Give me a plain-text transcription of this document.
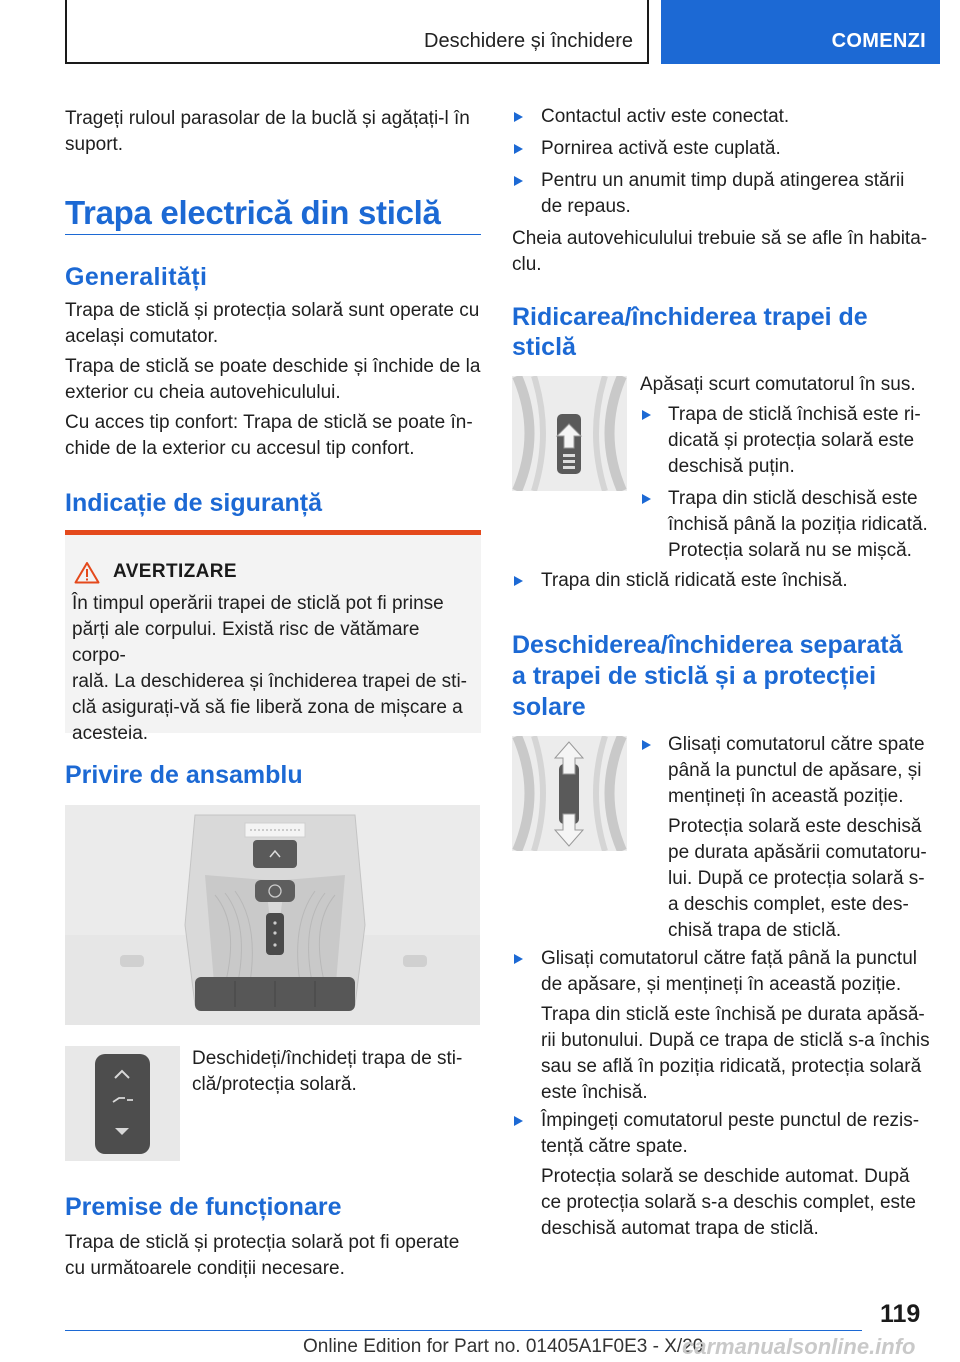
Deschidere și închidere	COMENZI
Trageți ruloul parasolar de la buclă și agățați-l în
suport.
Trapa electrică din sticlă
Generalități
Trapa de sticlă și protecția solară sunt operate cu
același comutator.
Trapa de sticlă se poate deschide și închide de la
exterior cu cheia autovehiculului.
Cu acces tip confort: Trapa de sticlă se poate în-
chide de la exterior cu accesul tip confort.
Indicație de siguranță
AVERTIZARE
În timpul operării trapei de sticlă pot fi prinse
părți ale corpului. Există risc de vătămare corpo-
rală. La deschiderea și închiderea trapei de sti-
clă asigurați-vă să fie liberă zona de mișcare a
acesteia.
Privire de ansamblu
Deschideți/închideți trapa de sti-
clă/protecția solară.
Premise de funcționare
Trapa de sticlă și protecția solară pot fi operate
cu următoarele condiții necesare.
Contactul activ este conectat.
Pornirea activă este cuplată.
Pentru un anumit timp după atingerea stării
de repaus.
Cheia autovehiculului trebuie să se afle în habita-
clu.
Ridicarea/închiderea trapei de
sticlă
Apăsați scurt comutatorul în sus.
Trapa de sticlă închisă este ri-
dicată și protecția solară este
deschisă puțin.
Trapa din sticlă deschisă este
închisă până la poziția ridicată.
Protecția solară nu se mișcă.
Trapa din sticlă ridicată este închisă.
Deschiderea/închiderea separată
a trapei de sticlă și a protecției
solare
Glisați comutatorul către spate
până la punctul de apăsare, și
mențineți în această poziție.
Protecția solară este deschisă
pe durata apăsării comutatoru-
lui. După ce protecția solară s-
a deschis complet, este des-
chisă trapa de sticlă.
Glisați comutatorul către față până la punctul
de apăsare, și mențineți în această poziție.
Trapa din sticlă este închisă pe durata apăsă-
rii butonului. După ce trapa de sticlă s-a închis
sau se află în poziția ridicată, protecția solară
este închisă.
Împingeți comutatorul peste punctul de rezis-
tență către spate.
Protecția solară se deschide automat. După
ce protecția solară s-a deschis complet, este
deschisă automat trapa de sticlă.
119
Online Edition for Part no. 01405A1F0E3 - X/20
carmanualsonline.info
